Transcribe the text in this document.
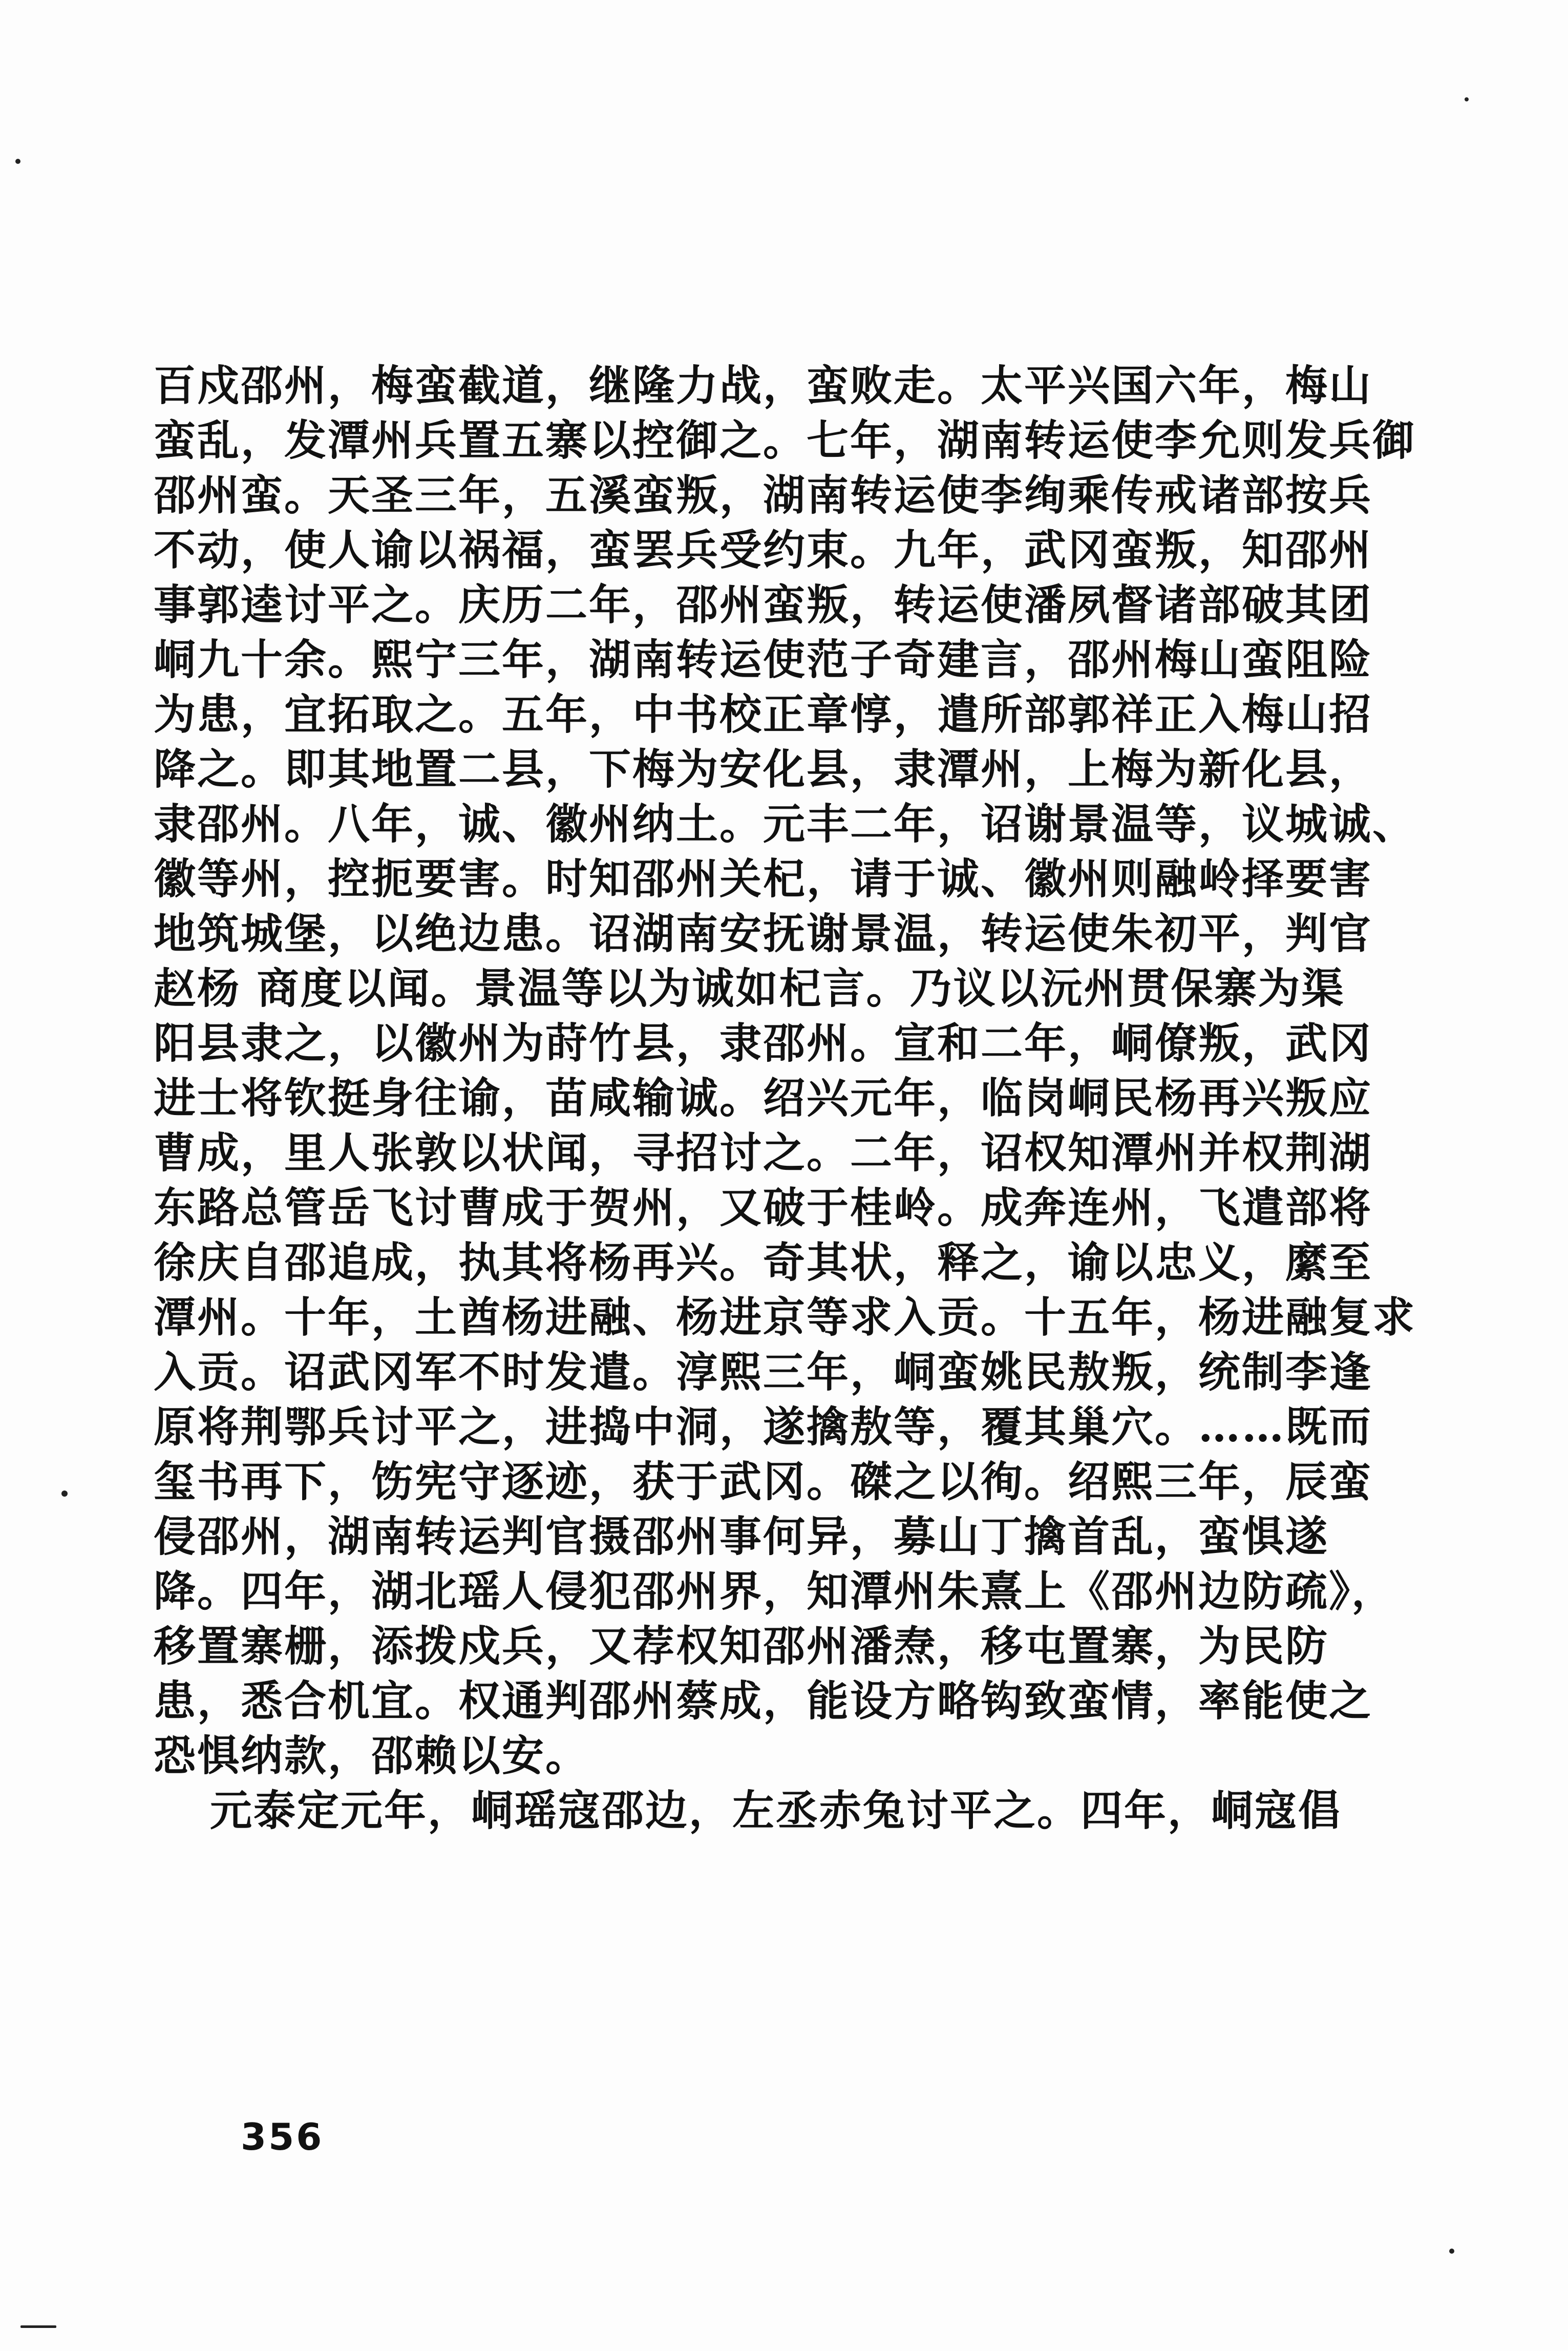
百戍邵州，梅蛮截道，继隆力战，蛮败走。太平兴国六年，梅山
蛮乱，发潭州兵置五寨以控御之。七年，湖南转运使李允则发兵御
邵州蛮。天圣三年，五溪蛮叛，湖南转运使李绚乘传戒诸部按兵
不动，使人谕以祸福，蛮罢兵受约束。九年，武冈蛮叛，知邵州
事郭逵讨平之。庆历二年，邵州蛮叛，转运使潘夙督诸部破其团
峒九十余。熙宁三年，湖南转运使范子奇建言，邵州梅山蛮阻险
为患，宜拓取之。五年，中书校正章惇，遣所部郭祥正入梅山招
降之。即其地置二县，下梅为安化县，隶潭州，上梅为新化县，
隶邵州。八年，诚、徽州纳土。元丰二年，诏谢景温等，议城诚、
徽等州，控扼要害。时知邵州关杞，请于诚、徽州则融岭择要害
地筑城堡，以绝边患。诏湖南安抚谢景温，转运使朱初平，判官
赵杨 商度以闻。景温等以为诚如杞言。乃议以沅州贯保寨为渠
阳县隶之，以徽州为莳竹县，隶邵州。宣和二年，峒僚叛，武冈
进士将钦挺身往谕，苗咸输诚。绍兴元年，临岗峒民杨再兴叛应
曹成，里人张敦以状闻，寻招讨之。二年，诏权知潭州并权荆湖
东路总管岳飞讨曹成于贺州，又破于桂岭。成奔连州，飞遣部将
徐庆自邵追成，执其将杨再兴。奇其状，释之，谕以忠义，縻至
潭州。十年，土酋杨进融、杨进京等求入贡。十五年，杨进融复求
入贡。诏武冈军不时发遣。淳熙三年，峒蛮姚民敖叛，统制李逢
原将荆鄂兵讨平之，进捣中洞，遂擒敖等，覆其巢穴。……既而
玺书再下，饬宪守逐迹，获于武冈。磔之以徇。绍熙三年，辰蛮
侵邵州，湖南转运判官摄邵州事何异，募山丁擒首乱，蛮惧遂
降。四年，湖北瑶人侵犯邵州界，知潭州朱熹上《邵州边防疏》，
移置寨栅，添拨戍兵，又荐权知邵州潘焘，移屯置寨，为民防
患，悉合机宜。权通判邵州蔡成，能设方略钩致蛮情，率能使之
恐惧纳款，邵赖以安。
元泰定元年，峒瑶寇邵边，左丞赤兔讨平之。四年，峒寇倡
356
